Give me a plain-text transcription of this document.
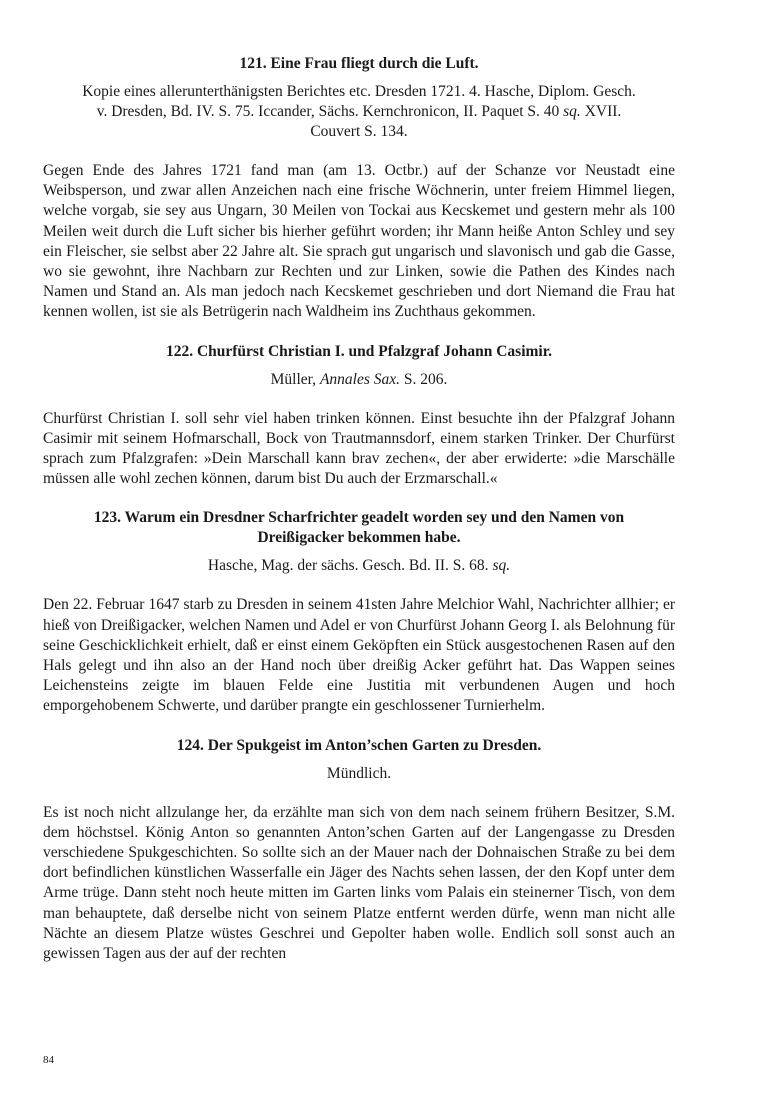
121. Eine Frau fliegt durch die Luft.

Kopie eines allerunterthänigsten Berichtes etc. Dresden 1721. 4. Hasche, Diplom. Gesch.
v. Dresden, Bd. IV. S. 75. Iccander, Sächs. Kernchronicon, II. Paquet S. 40 sq. XVII.
Couvert S. 134.

Gegen Ende des Jahres 1721 fand man (am 13. Octbr.) auf der Schanze vor Neustadt eine Weibsperson, und zwar allen Anzeichen nach eine frische Wöchnerin, unter freiem Himmel liegen, welche vorgab, sie sey aus Ungarn, 30 Meilen von Tockai aus Kecskemet und gestern mehr als 100 Meilen weit durch die Luft sicher bis hierher geführt worden; ihr Mann heiße Anton Schley und sey ein Fleischer, sie selbst aber 22 Jahre alt. Sie sprach gut ungarisch und slavonisch und gab die Gasse, wo sie gewohnt, ihre Nachbarn zur Rechten und zur Linken, sowie die Pathen des Kindes nach Namen und Stand an. Als man jedoch nach Kecskemet geschrieben und dort Niemand die Frau hat kennen wollen, ist sie als Betrügerin nach Waldheim ins Zuchthaus gekommen.

122. Churfürst Christian I. und Pfalzgraf Johann Casimir.

Müller, Annales Sax. S. 206.

Churfürst Christian I. soll sehr viel haben trinken können. Einst besuchte ihn der Pfalzgraf Johann Casimir mit seinem Hofmarschall, Bock von Trautmannsdorf, einem starken Trinker. Der Churfürst sprach zum Pfalzgrafen: »Dein Marschall kann brav zechen«, der aber erwiderte: »die Marschälle müssen alle wohl zechen können, darum bist Du auch der Erzmarschall.«

123. Warum ein Dresdner Scharfrichter geadelt worden sey und den Namen von
Dreißigacker bekommen habe.

Hasche, Mag. der sächs. Gesch. Bd. II. S. 68. sq.

Den 22. Februar 1647 starb zu Dresden in seinem 41sten Jahre Melchior Wahl, Nachrichter allhier; er hieß von Dreißigacker, welchen Namen und Adel er von Churfürst Johann Georg I. als Belohnung für seine Geschicklichkeit erhielt, daß er einst einem Geköpften ein Stück ausgestochenen Rasen auf den Hals gelegt und ihn also an der Hand noch über dreißig Acker geführt hat. Das Wappen seines Leichensteins zeigte im blauen Felde eine Justitia mit verbundenen Augen und hoch emporgehobenem Schwerte, und darüber prangte ein geschlossener Turnierhelm.

124. Der Spukgeist im Anton’schen Garten zu Dresden.

Mündlich.

Es ist noch nicht allzulange her, da erzählte man sich von dem nach seinem frühern Besitzer, S.M. dem höchstsel. König Anton so genannten Anton’schen Garten auf der Langengasse zu Dresden verschiedene Spukgeschichten. So sollte sich an der Mauer nach der Dohnaischen Straße zu bei dem dort befindlichen künstlichen Wasserfalle ein Jäger des Nachts sehen lassen, der den Kopf unter dem Arme trüge. Dann steht noch heute mitten im Garten links vom Palais ein steinerner Tisch, von dem man behauptete, daß derselbe nicht von seinem Platze entfernt werden dürfe, wenn man nicht alle Nächte an diesem Platze wüstes Geschrei und Gepolter haben wolle. Endlich soll sonst auch an gewissen Tagen aus der auf der rechten

84
